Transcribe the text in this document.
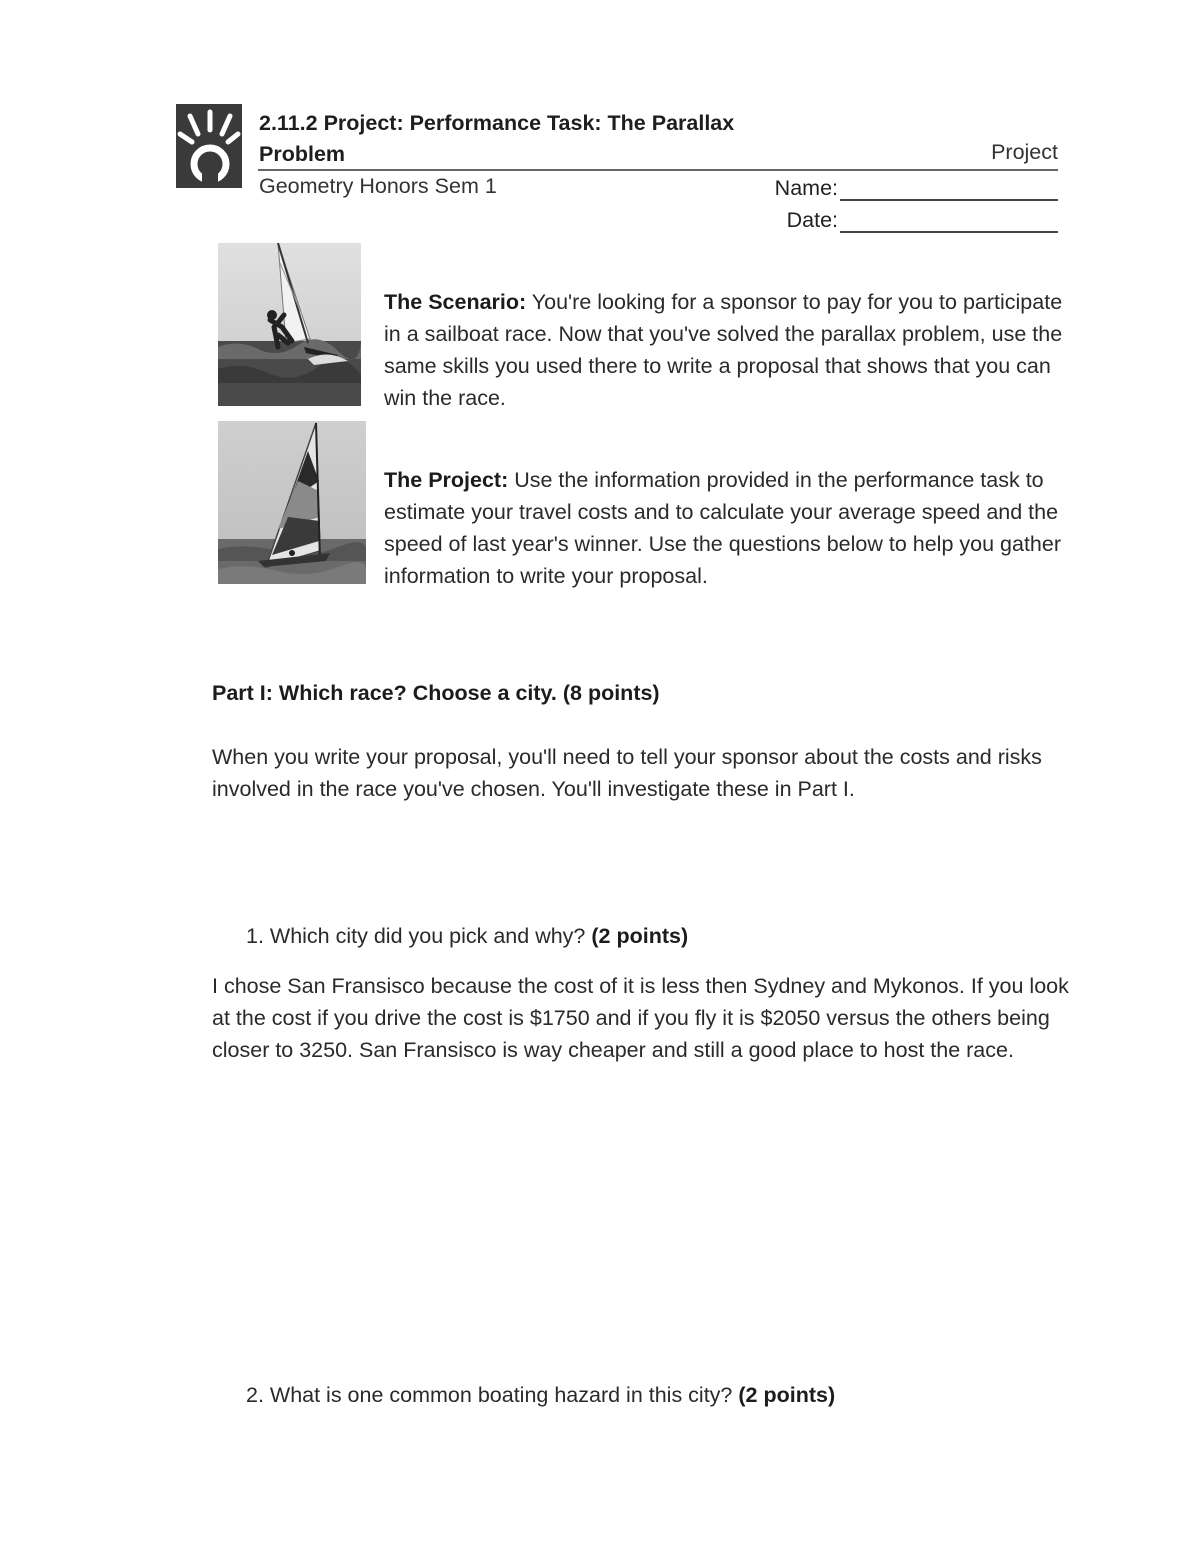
2.11.2 Project: Performance Task: The Parallax Problem	Project
Geometry Honors Sem 1	Name:
Date:
The Scenario: You're looking for a sponsor to pay for you to participate in a sailboat race. Now that you've solved the parallax problem, use the same skills you used there to write a proposal that shows that you can win the race.
The Project: Use the information provided in the performance task to estimate your travel costs and to calculate your average speed and the speed of last year's winner. Use the questions below to help you gather information to write your proposal.
Part I: Which race? Choose a city. (8 points)
When you write your proposal, you'll need to tell your sponsor about the costs and risks involved in the race you've chosen. You'll investigate these in Part I.
1. Which city did you pick and why? (2 points)
I chose San Fransisco because the cost of it is less then Sydney and Mykonos. If you look at the cost if you drive the cost is $1750 and if you fly it is $2050 versus the others being closer to 3250. San Fransisco is way cheaper and still a good place to host the race.
2. What is one common boating hazard in this city? (2 points)
